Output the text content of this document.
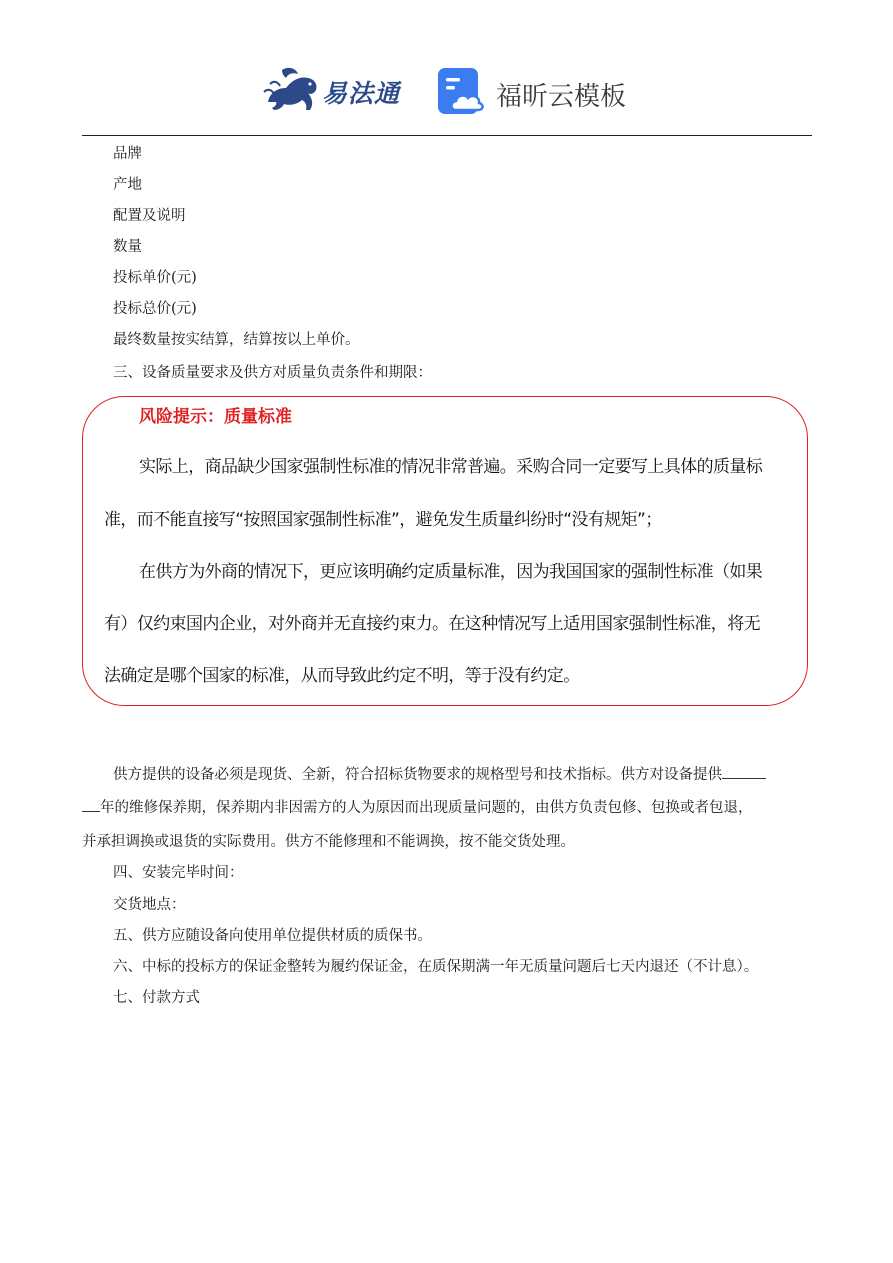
易法通	福昕云模板
品牌
产地
配置及说明
数量
投标单价(元)
投标总价(元)
最终数量按实结算，结算按以上单价。
三、设备质量要求及供方对质量负责条件和期限：
风险提示：质量标准
实际上，商品缺少国家强制性标准的情况非常普遍。采购合同一定要写上具体的质量标
准，而不能直接写“按照国家强制性标准”，避免发生质量纠纷时“没有规矩”；
在供方为外商的情况下，更应该明确约定质量标准，因为我国国家的强制性标准（如果
有）仅约束国内企业，对外商并无直接约束力。在这种情况写上适用国家强制性标准，将无
法确定是哪个国家的标准，从而导致此约定不明，等于没有约定。
供方提供的设备必须是现货、全新，符合招标货物要求的规格型号和技术指标。供方对设备提供
年的维修保养期，保养期内非因需方的人为原因而出现质量问题的，由供方负责包修、包换或者包退，
并承担调换或退货的实际费用。供方不能修理和不能调换，按不能交货处理。
四、安装完毕时间：
交货地点：
五、供方应随设备向使用单位提供材质的质保书。
六、中标的投标方的保证金整转为履约保证金，在质保期满一年无质量问题后七天内退还（不计息）。
七、付款方式
